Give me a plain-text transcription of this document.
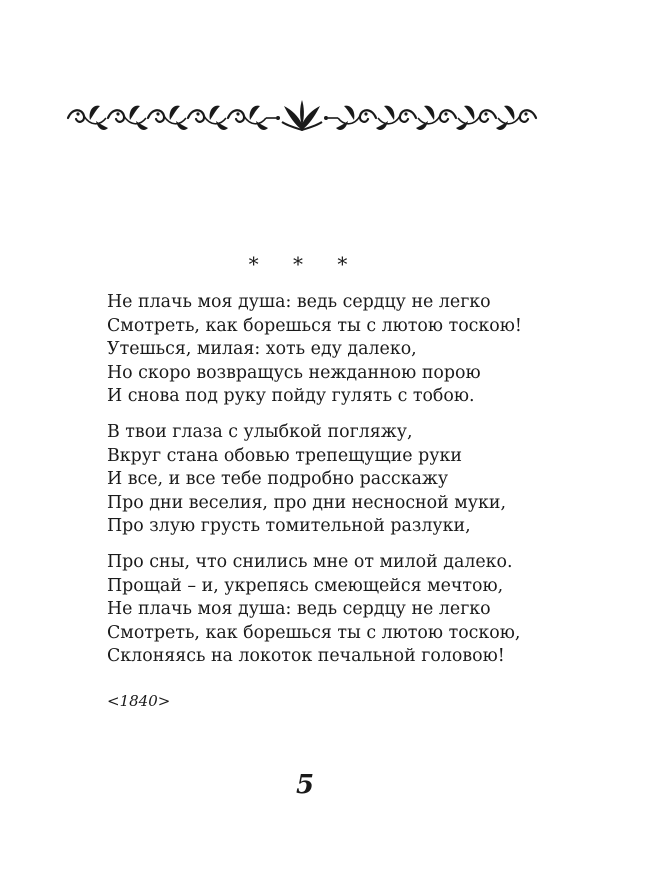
* * *
Не плачь моя душа: ведь сердцу не легко
Смотреть, как борешься ты с лютою тоскою!
Утешься, милая: хоть еду далеко,
Но скоро возвращусь нежданною порою
И снова под руку пойду гулять с тобою.
В твои глаза с улыбкой погляжу,
Вкруг стана обовью трепещущие руки
И все, и все тебе подробно расскажу
Про дни веселия, про дни несносной муки,
Про злую грусть томительной разлуки,
Про сны, что снились мне от милой далеко.
Прощай – и, укрепясь смеющейся мечтою,
Не плачь моя душа: ведь сердцу не легко
Смотреть, как борешься ты с лютою тоскою,
Склоняясь на локоток печальной головою!
<1840>
5
